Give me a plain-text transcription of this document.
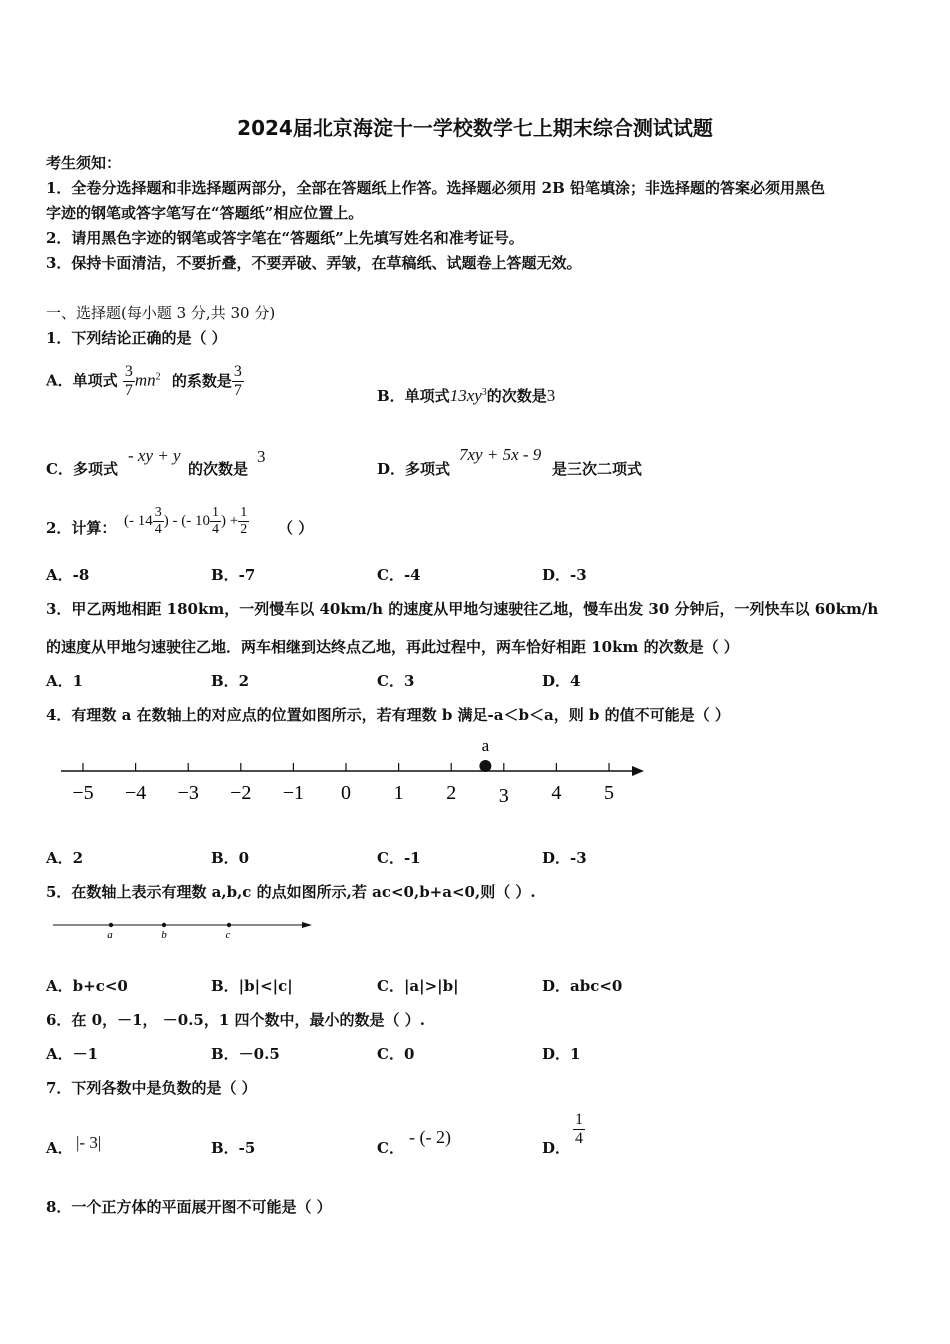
2024届北京海淀十一学校数学七上期末综合测试试题
考生须知：
1．全卷分选择题和非选择题两部分，全部在答题纸上作答。选择题必须用 2B 铅笔填涂；非选择题的答案必须用黑色
字迹的钢笔或答字笔写在“答题纸”相应位置上。
2．请用黑色字迹的钢笔或答字笔在“答题纸”上先填写姓名和准考证号。
3．保持卡面清洁，不要折叠，不要弄破、弄皱，在草稿纸、试题卷上答题无效。
一、选择题(每小题 3 分,共 30 分)
1．下列结论正确的是（ ）
A．单项式 $\frac{3}{7} mn^2$ 的系数是 $\frac{3}{7}$	B．单项式$13xy^3$的次数是3
C．多项式
- xy + y
的次数是
3
D．多项式
7xy + 5x - 9
是三次二项式
2．计算： (- $14 \frac{3}{4}$ ) - (- $10 \frac{1}{4}$ ) + $\frac{1}{2}$ （ ）
A．-8	B．-7	C．-4	D．-3
3．甲乙两地相距 180km，一列慢车以 40km/h 的速度从甲地匀速驶往乙地，慢车出发 30 分钟后，一列快车以 60km/h
的速度从甲地匀速驶往乙地．两车相继到达终点乙地，再此过程中，两车恰好相距 10km 的次数是（ ）
A．1	B．2	C．3	D．4
4．有理数 a 在数轴上的对应点的位置如图所示，若有理数 b 满足-a＜b＜a，则 b 的值不可能是（ ）
−5 −4 −3 −2 −1 0 1 2 3 4 5
a
A．2	B．0	C．-1	D．-3
5．在数轴上表示有理数 a,b,c 的点如图所示,若 ac<0,b+a<0,则（ ）.
a	b	c
A．b+c<0	B．|b|<|c|	C．|a|>|b|	D．abc<0
6．在 0，－1， －0.5，1 四个数中，最小的数是（ ）.
A．－1	B．－0.5	C．0	D．1
7．下列各数中是负数的是（ ）
A． |- 3|	B．-5	C．
- (- 2)
D． $\frac{1}{4}$
8．一个正方体的平面展开图不可能是（ ）
